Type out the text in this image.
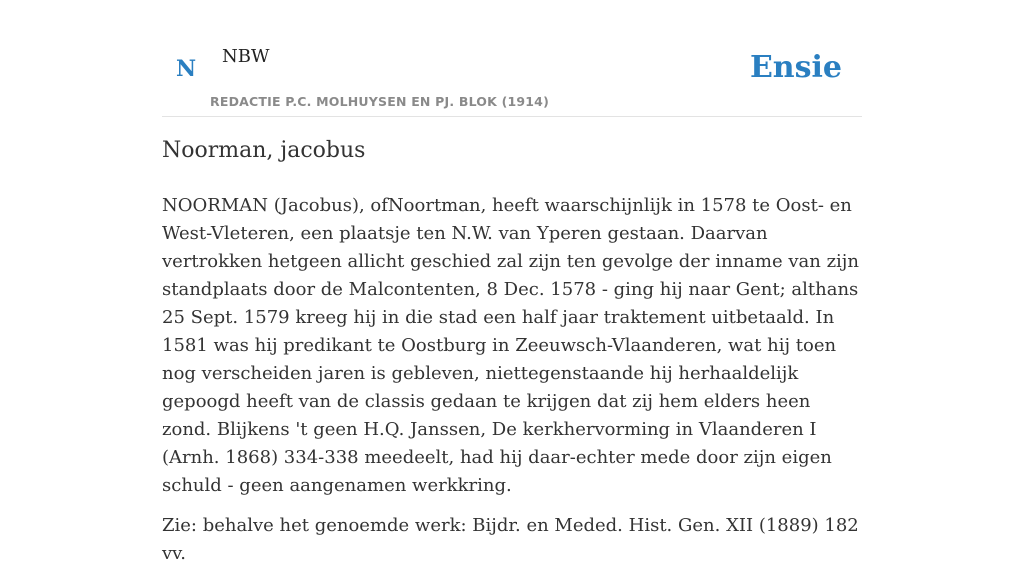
N NBW	Ensie
REDACTIE P.C. MOLHUYSEN EN PJ. BLOK (1914)
Noorman, jacobus

NOORMAN (Jacobus), ofNoortman, heeft waarschijnlijk in 1578 te Oost- en West-Vleteren, een plaatsje ten N.W. van Yperen gestaan. Daarvan vertrokken hetgeen allicht geschied zal zijn ten gevolge der inname van zijn standplaats door de Malcontenten, 8 Dec. 1578 - ging hij naar Gent; althans 25 Sept. 1579 kreeg hij in die stad een half jaar traktement uitbetaald. In 1581 was hij predikant te Oostburg in Zeeuwsch-Vlaanderen, wat hij toen nog verscheiden jaren is gebleven, niettegenstaande hij herhaaldelijk gepoogd heeft van de classis gedaan te krijgen dat zij hem elders heen zond. Blijkens 't geen H.Q. Janssen, De kerkhervorming in Vlaanderen I (Arnh. 1868) 334-338 meedeelt, had hij daar-echter mede door zijn eigen schuld - geen aangenamen werkkring.

Zie: behalve het genoemde werk: Bijdr. en Meded. Hist. Gen. XII (1889) 182 vv.
